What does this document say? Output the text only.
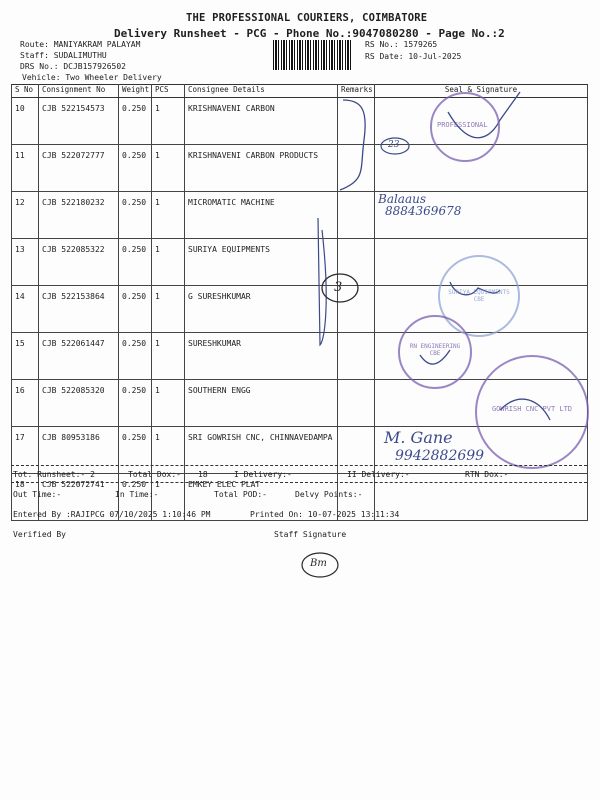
THE PROFESSIONAL COURIERS, COIMBATORE
Delivery Runsheet - PCG - Phone No.:9047080280 - Page No.:2
Route: MANIYAKRAM PALAYAM
Staff: SUDALIMUTHU
DRS No.: DCJB157926502
Vehicle: Two Wheeler Delivery
RS No.: 1579265
RS Date: 10-Jul-2025
S No	Consignment No	Weight	PCS	Consignee Details	Remarks	Seal & Signature
10	CJB 522154573	0.250	1	KRISHNAVENI CARBON		
11	CJB 522072777	0.250	1	KRISHNAVENI CARBON PRODUCTS		
12	CJB 522180232	0.250	1	MICROMATIC MACHINE		
13	CJB 522085322	0.250	1	SURIYA EQUIPMENTS		
14	CJB 522153864	0.250	1	G SURESHKUMAR		
15	CJB 522061447	0.250	1	SURESHKUMAR		
16	CJB 522085320	0.250	1	SOUTHERN ENGG		
17	CJB 80953186	0.250	1	SRI GOWRISH CNC, CHINNAVEDAMPA		
18	CJB 522072741	0.250	1	EMKEY ELEC PLAT		
PROFESSIONAL
SURIYA EQUIPMENTS CBE
RN ENGINEERING CBE
GOWRISH CNC PVT LTD
23
Balaaus
8884369678
3
M. Gane
9942882699
Bm
Tot. Runsheet:- 2	Total Dox:- 18	I Delivery:-	II Delivery:-	RTN Dox:-
Out Time:-	In Time:-	Total POD:-	Delvy Points:-
Entered By :RAJIPCG 07/10/2025 1:10:46 PM	Printed On: 10-07-2025 13:11:34
Verified By	Staff Signature
